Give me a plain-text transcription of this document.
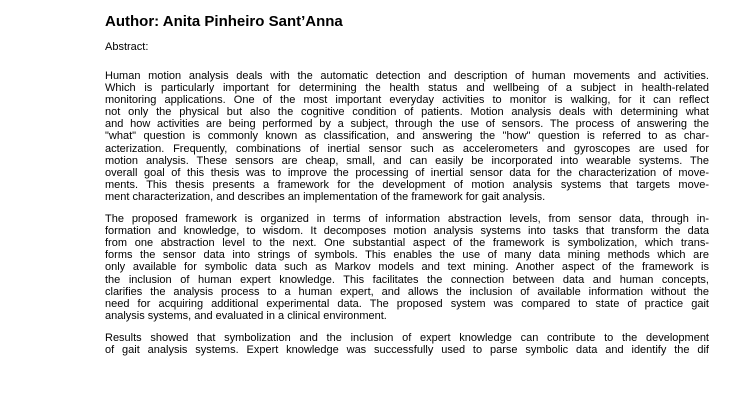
Author: Anita Pinheiro Sant’Anna
Abstract:
Human motion analysis deals with the automatic detection and description of human movements and activities.
Which is particularly important for determining the health status and wellbeing of a subject in health-related
monitoring applications. One of the most important everyday activities to monitor is walking, for it can reflect
not only the physical but also the cognitive condition of patients. Motion analysis deals with determining what
and how activities are being performed by a subject, through the use of sensors. The process of answering the
"what" question is commonly known as classification, and answering the "how" question is referred to as char-
acterization. Frequently, combinations of inertial sensor such as accelerometers and gyroscopes are used for
motion analysis. These sensors are cheap, small, and can easily be incorporated into wearable systems. The
overall goal of this thesis was to improve the processing of inertial sensor data for the characterization of move-
ments. This thesis presents a framework for the development of motion analysis systems that targets move-
ment characterization, and describes an implementation of the framework for gait analysis.
The proposed framework is organized in terms of information abstraction levels, from sensor data, through in-
formation and knowledge, to wisdom. It decomposes motion analysis systems into tasks that transform the data
from one abstraction level to the next. One substantial aspect of the framework is symbolization, which trans-
forms the sensor data into strings of symbols. This enables the use of many data mining methods which are
only available for symbolic data such as Markov models and text mining. Another aspect of the framework is
the inclusion of human expert knowledge. This facilitates the connection between data and human concepts,
clarifies the analysis process to a human expert, and allows the inclusion of available information without the
need for acquiring additional experimental data. The proposed system was compared to state of practice gait
analysis systems, and evaluated in a clinical environment.
Results showed that symbolization and the inclusion of expert knowledge can contribute to the development
of gait analysis systems. Expert knowledge was successfully used to parse symbolic data and identify the dif
